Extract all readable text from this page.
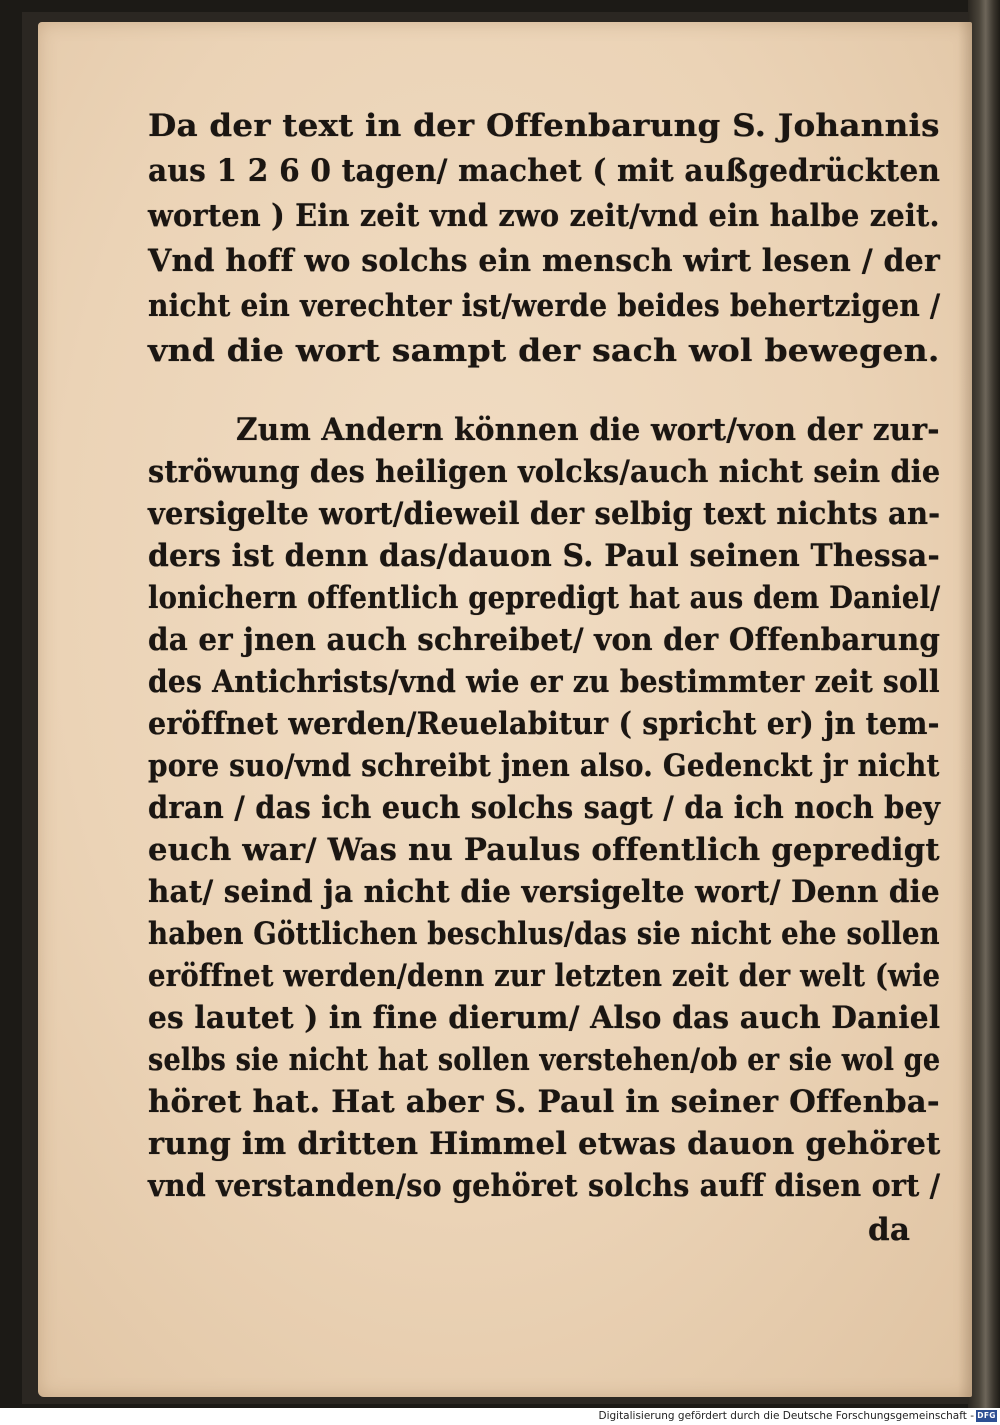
Da der text in der Offenbarung S. Johannis
aus 1 2 6 0 tagen/ machet ( mit außgedrückten
worten ) Ein zeit vnd zwo zeit/vnd ein halbe zeit.
Vnd hoff wo solchs ein mensch wirt lesen / der
nicht ein verechter ist/werde beides behertzigen /
vnd die wort sampt der sach wol bewegen.
Zum Andern können die wort/von der zur-
ströwung des heiligen volcks/auch nicht sein die
versigelte wort/dieweil der selbig text nichts an-
ders ist denn das/dauon S. Paul seinen Thessa-
lonichern offentlich gepredigt hat aus dem Daniel/
da er jnen auch schreibet/ von der Offenbarung
des Antichrists/vnd wie er zu bestimmter zeit soll
eröffnet werden/Reuelabitur ( spricht er) jn tem-
pore suo/vnd schreibt jnen also. Gedenckt jr nicht
dran / das ich euch solchs sagt / da ich noch bey
euch war/ Was nu Paulus offentlich gepredigt
hat/ seind ja nicht die versigelte wort/ Denn die
haben Göttlichen beschlus/das sie nicht ehe sollen
eröffnet werden/denn zur letzten zeit der welt (wie
es lautet ) in fine dierum/ Also das auch Daniel
selbs sie nicht hat sollen verstehen/ob er sie wol ge
höret hat. Hat aber S. Paul in seiner Offenba-
rung im dritten Himmel etwas dauon gehöret
vnd verstanden/so gehöret solchs auff disen ort /
da
Digitalisierung gefördert durch die Deutsche Forschungsgemeinschaft - DFG
